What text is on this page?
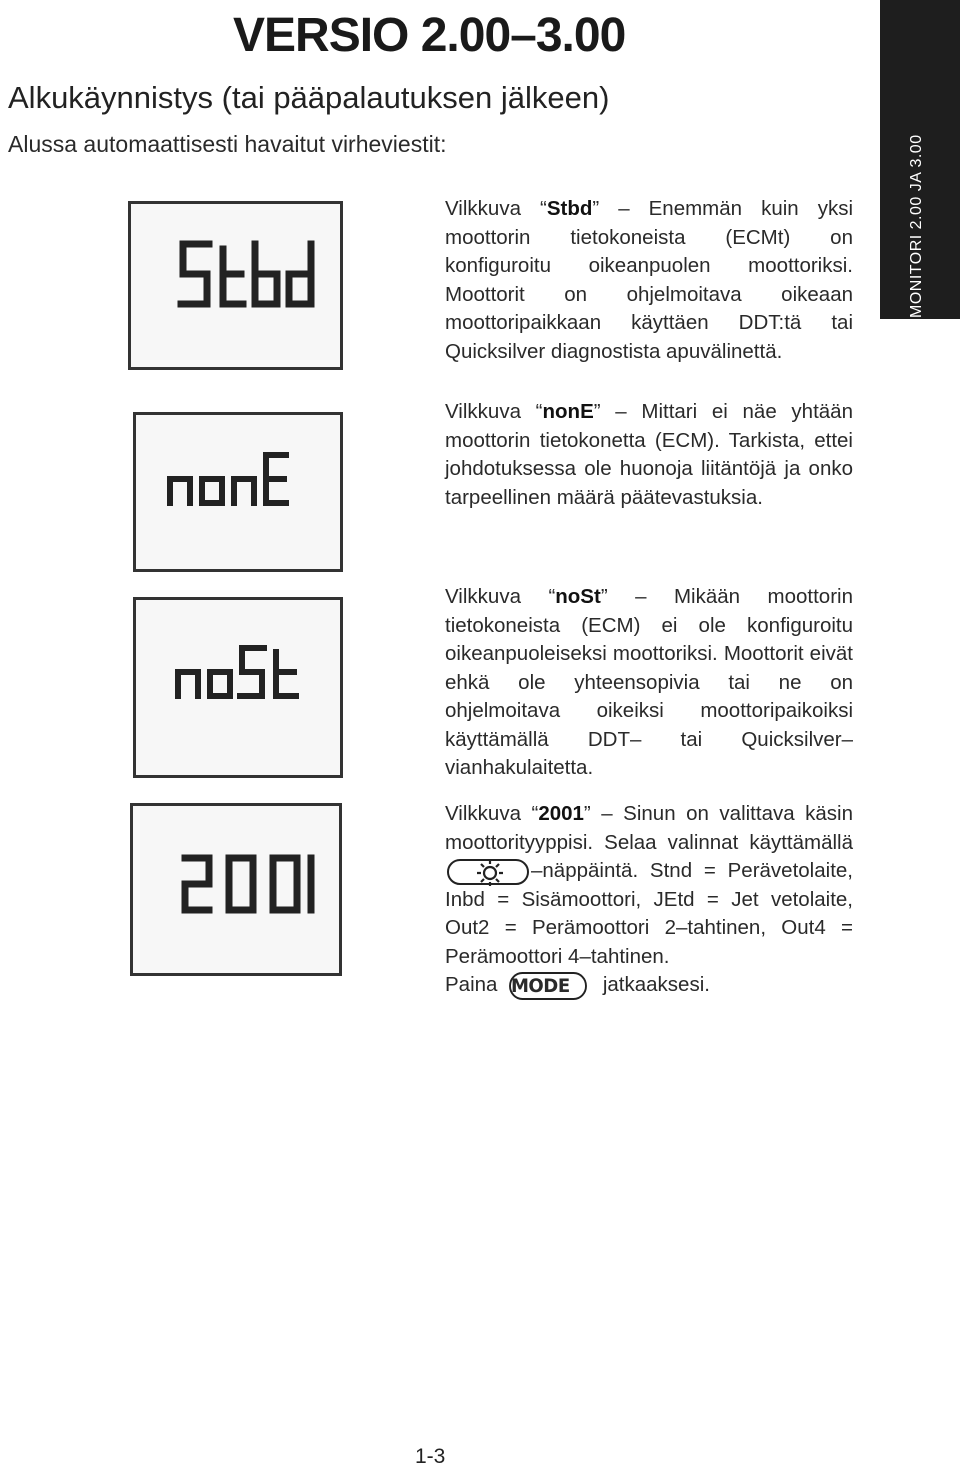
VERSIO 2.00–3.00
Alkukäynnistys (tai pääpalautuksen jälkeen)
Alussa automaattisesti havaitut virheviestit:	MONITORI 2.00 JA 3.00
Vilkkuva “Stbd” – Enemmän kuin yksi moottorin tietokoneista (ECMt) on konfiguroitu oikeanpuolen moottoriksi. Moottorit on ohjelmoitava oikeaan moottoripaikkaan käyttäen DDT:tä tai Quicksilver diagnostista apuvälinettä.
Vilkkuva “nonE” – Mittari ei näe yhtään moottorin tietokonetta (ECM). Tarkista, ettei johdotuksessa ole huonoja liitäntöjä ja onko tarpeellinen määrä päätevastuksia.
Vilkkuva “noSt” – Mikään moottorin tietokoneista (ECM) ei ole konfiguroitu oikeanpuoleiseksi moottoriksi. Moottorit eivät ehkä ole yhteensopivia tai ne on ohjelmoitava oikeiksi moottoripaikoiksi käyttämällä DDT– tai Quicksilver– vianhakulaitetta.
Vilkkuva “2001” – Sinun on valittava käsin moottorityyppisi. Selaa valinnat käyttämällä
–näppäintä. Stnd = Perävetolaite, Inbd = Sisämoottori, JEtd = Jet vetolaite, Out2 = Perämoottori 2–tahtinen, Out4 = Perämoottori 4–tahtinen.
Paina MODE jatkaaksesi.
1-3
